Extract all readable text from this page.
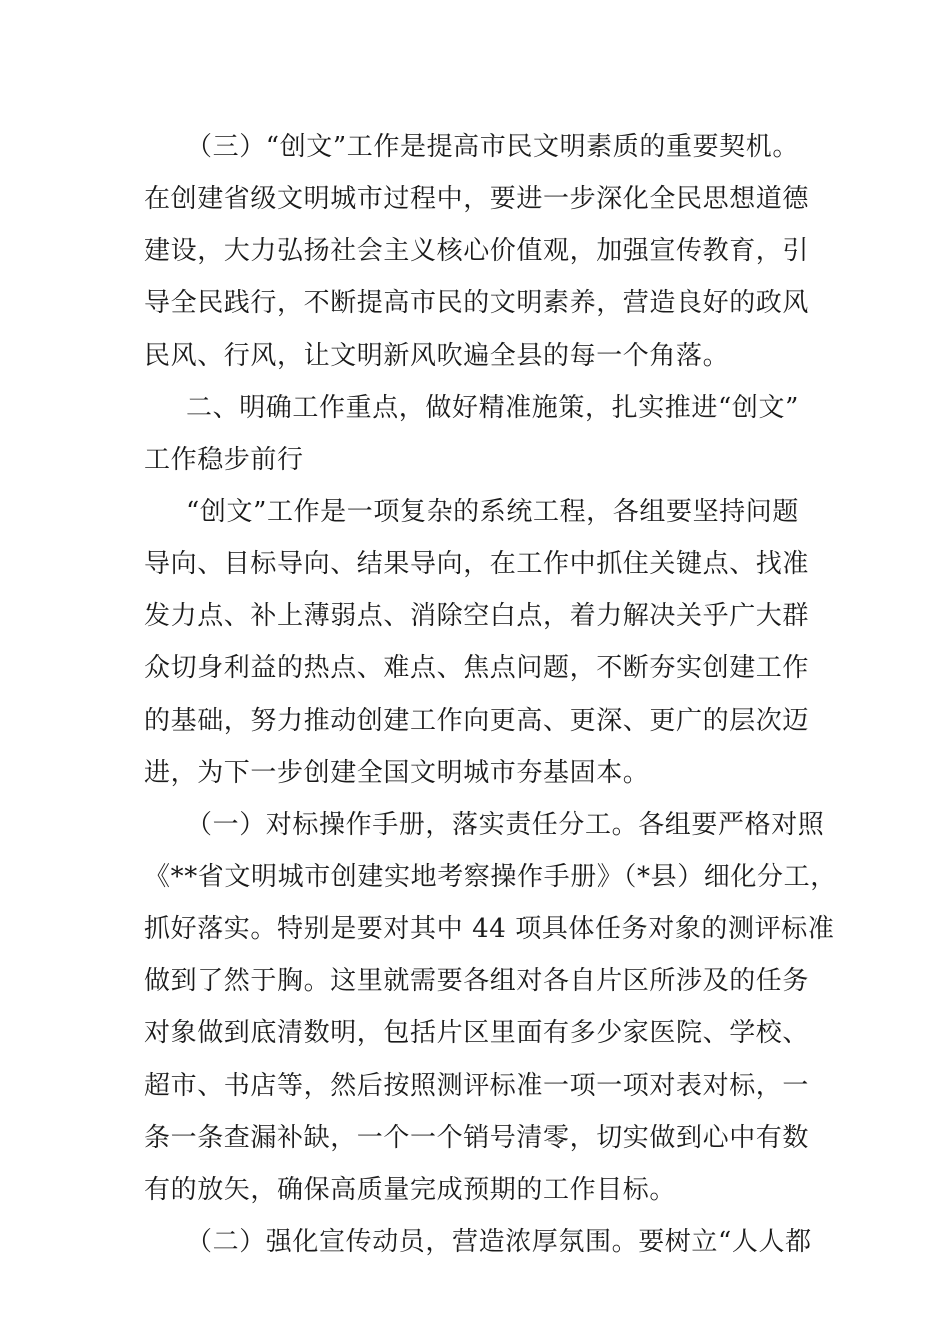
（三）“创文”工作是提高市民文明素质的重要契机。
在创建省级文明城市过程中，要进一步深化全民思想道德
建设，大力弘扬社会主义核心价值观，加强宣传教育，引
导全民践行，不断提高市民的文明素养，营造良好的政风
民风、行风，让文明新风吹遍全县的每一个角落。
二、明确工作重点，做好精准施策，扎实推进“创文”
工作稳步前行
“创文”工作是一项复杂的系统工程，各组要坚持问题
导向、目标导向、结果导向，在工作中抓住关键点、找准
发力点、补上薄弱点、消除空白点，着力解决关乎广大群
众切身利益的热点、难点、焦点问题，不断夯实创建工作
的基础，努力推动创建工作向更高、更深、更广的层次迈
进，为下一步创建全国文明城市夯基固本。
（一）对标操作手册，落实责任分工。各组要严格对照
《**省文明城市创建实地考察操作手册》（*县）细化分工，
抓好落实。特别是要对其中 44 项具体任务对象的测评标准
做到了然于胸。这里就需要各组对各自片区所涉及的任务
对象做到底清数明，包括片区里面有多少家医院、学校、
超市、书店等，然后按照测评标准一项一项对表对标，一
条一条查漏补缺，一个一个销号清零，切实做到心中有数
有的放矢，确保高质量完成预期的工作目标。
（二）强化宣传动员，营造浓厚氛围。要树立“人人都
